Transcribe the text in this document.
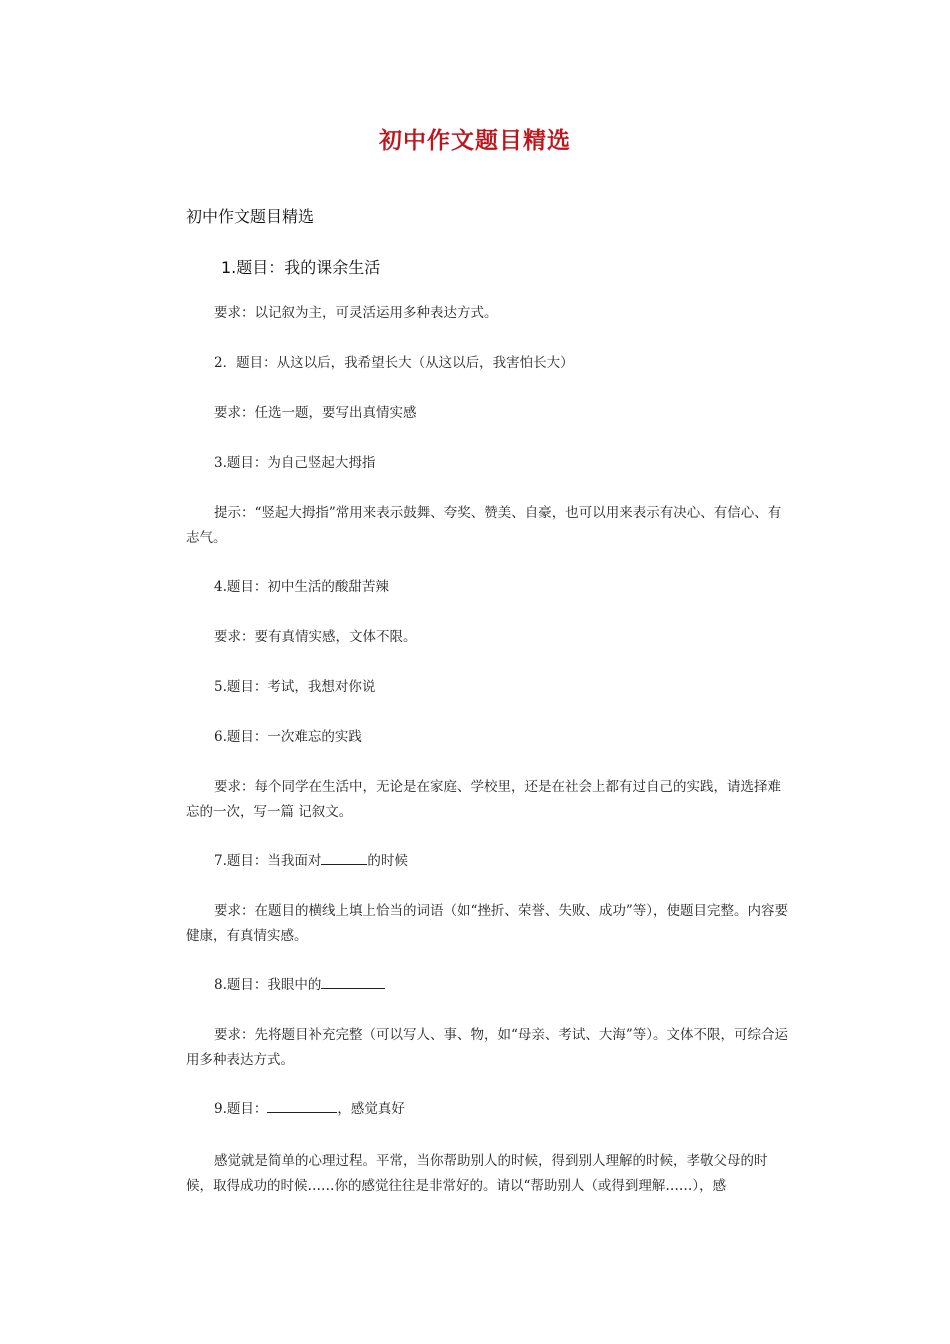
初中作文题目精选
初中作文题目精选
1.题目：我的课余生活

要求：以记叙为主，可灵活运用多种表达方式。

2．题目：从这以后，我希望长大（从这以后，我害怕长大）

要求：任选一题，要写出真情实感

3.题目：为自己竖起大拇指

提示：“竖起大拇指”常用来表示鼓舞、夸奖、赞美、自豪，也可以用来表示有决心、有信心、有志气。

4.题目：初中生活的酸甜苦辣

要求：要有真情实感，文体不限。

5.题目：考试，我想对你说

6.题目：一次难忘的实践

要求：每个同学在生活中，无论是在家庭、学校里，还是在社会上都有过自己的实践，请选择难忘的一次，写一篇 记叙文。

7.题目：当我面对	的时候

要求：在题目的横线上填上恰当的词语（如“挫折、荣誉、失败、成功”等），使题目完整。内容要健康，有真情实感。

8.题目：我眼中的

要求：先将题目补充完整（可以写人、事、物，如“母亲、考试、大海”等）。文体不限，可综合运用多种表达方式。

9.题目：	，感觉真好

感觉就是简单的心理过程。平常，当你帮助别人的时候，得到别人理解的时候，孝敬父母的时候，取得成功的时候……你的感觉往往是非常好的。请以“帮助别人（或得到理解……），感
